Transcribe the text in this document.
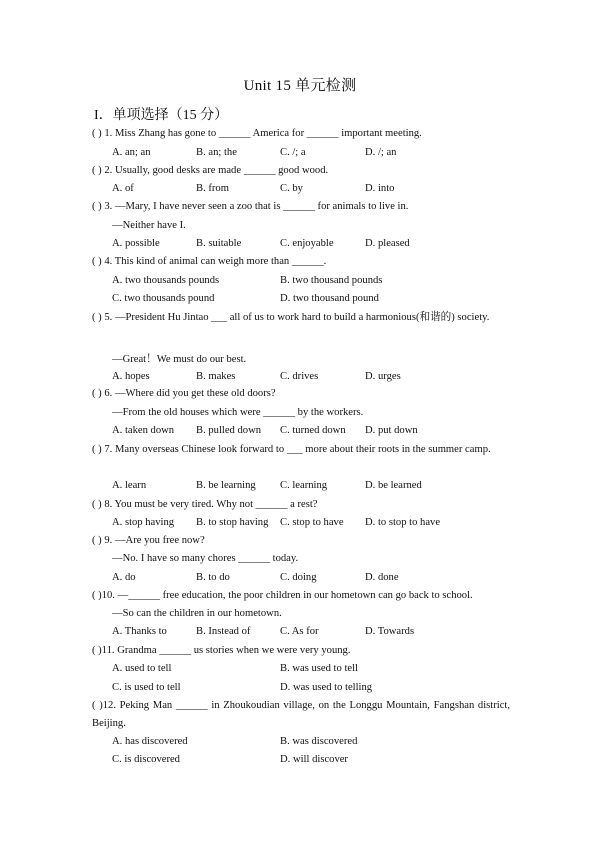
Unit 15 单元检测
I．单项选择（15 分）
( ) 1. Miss Zhang has gone to ______ America for ______ important meeting.
A. an; an	B. an; the	C. /; a	D. /; an
( ) 2. Usually, good desks are made ______ good wood.
A. of	B. from	C. by	D. into
( ) 3. —Mary, I have never seen a zoo that is ______ for animals to live in.
—Neither have I.
A. possible	B. suitable	C. enjoyable	D. pleased
( ) 4. This kind of animal can weigh more than ______.
A. two thousands pounds	B. two thousand pounds
C. two thousands pound	D. two thousand pound
( ) 5. —President Hu Jintao ___ all of us to work hard to build a harmonious(和谐的) society.
—Great！We must do our best.
A. hopes	B. makes	C. drives	D. urges
( ) 6. —Where did you get these old doors?
—From the old houses which were ______ by the workers.
A. taken down B. pulled down C. turned down D. put down
( ) 7. Many overseas Chinese look forward to ___ more about their roots in the summer camp.
A. learn	B. be learning C. learning	D. be learned
( ) 8. You must be very tired. Why not ______ a rest?
A. stop having B. to stop having C. stop to have D. to stop to have
( ) 9. —Are you free now?
—No. I have so many chores ______ today.
A. do	B. to do	C. doing	D. done
( )10. —______ free education, the poor children in our hometown can go back to school.
—So can the children in our hometown.
A. Thanks to	B. Instead of	C. As for	D. Towards
( )11. Grandma ______ us stories when we were very young.
A. used to tell	B. was used to tell
C. is used to tell	D. was used to telling
( )12. Peking Man ______ in Zhoukoudian village, on the Longgu Mountain, Fangshan district, Beijing.
A. has discovered	B. was discovered
C. is discovered	D. will discover
